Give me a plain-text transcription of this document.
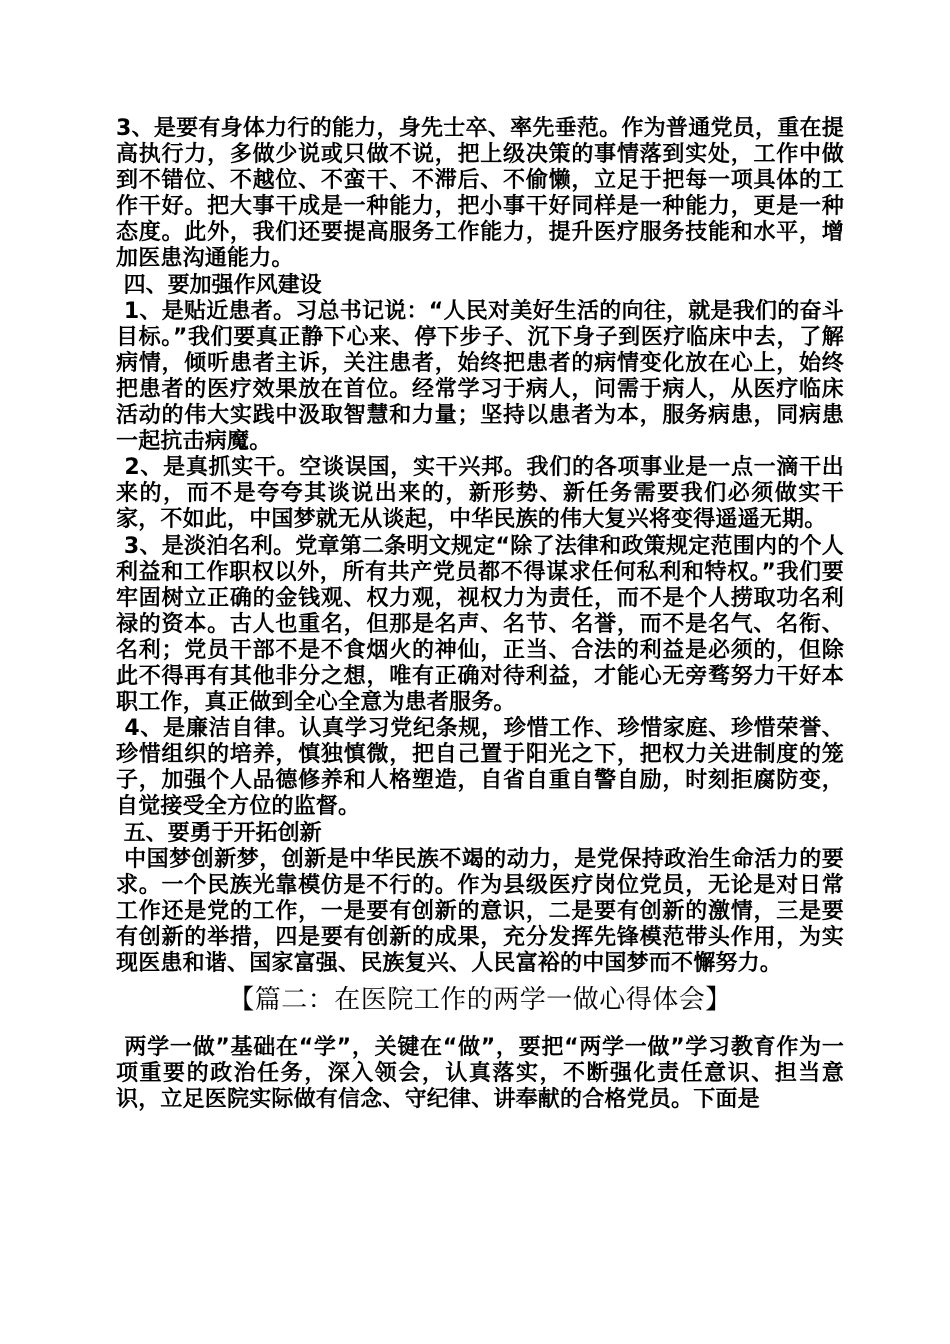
3、是要有身体力行的能力，身先士卒、率先垂范。作为普通党员，重在提高执行力，多做少说或只做不说，把上级决策的事情落到实处，工作中做到不错位、不越位、不蛮干、不滞后、不偷懒，立足于把每一项具体的工作干好。把大事干成是一种能力，把小事干好同样是一种能力，更是一种态度。此外，我们还要提高服务工作能力，提升医疗服务技能和水平，增加医患沟通能力。

四、要加强作风建设

1、是贴近患者。习总书记说：“人民对美好生活的向往，就是我们的奋斗目标。”我们要真正静下心来、停下步子、沉下身子到医疗临床中去，了解病情，倾听患者主诉，关注患者，始终把患者的病情变化放在心上，始终把患者的医疗效果放在首位。经常学习于病人，问需于病人，从医疗临床活动的伟大实践中汲取智慧和力量；坚持以患者为本，服务病患，同病患一起抗击病魔。

2、是真抓实干。空谈误国，实干兴邦。我们的各项事业是一点一滴干出来的，而不是夸夸其谈说出来的，新形势、新任务需要我们必须做实干家，不如此，中国梦就无从谈起，中华民族的伟大复兴将变得遥遥无期。

3、是淡泊名利。党章第二条明文规定“除了法律和政策规定范围内的个人利益和工作职权以外，所有共产党员都不得谋求任何私利和特权。”我们要牢固树立正确的金钱观、权力观，视权力为责任，而不是个人捞取功名利禄的资本。古人也重名，但那是名声、名节、名誉，而不是名气、名衔、名利；党员干部不是不食烟火的神仙，正当、合法的利益是必须的，但除此不得再有其他非分之想，唯有正确对待利益，才能心无旁骛努力干好本职工作，真正做到全心全意为患者服务。

4、是廉洁自律。认真学习党纪条规，珍惜工作、珍惜家庭、珍惜荣誉、珍惜组织的培养，慎独慎微，把自己置于阳光之下，把权力关进制度的笼子，加强个人品德修养和人格塑造，自省自重自警自励，时刻拒腐防变，自觉接受全方位的监督。

五、要勇于开拓创新

中国梦创新梦，创新是中华民族不竭的动力，是党保持政治生命活力的要求。一个民族光靠模仿是不行的。作为县级医疗岗位党员，无论是对日常工作还是党的工作，一是要有创新的意识，二是要有创新的激情，三是要有创新的举措，四是要有创新的成果，充分发挥先锋模范带头作用，为实现医患和谐、国家富强、民族复兴、人民富裕的中国梦而不懈努力。

【篇二：在医院工作的两学一做心得体会】

两学一做”基础在“学”，关键在“做”，要把“两学一做”学习教育作为一项重要的政治任务，深入领会，认真落实，不断强化责任意识、担当意识，立足医院实际做有信念、守纪律、讲奉献的合格党员。下面是
